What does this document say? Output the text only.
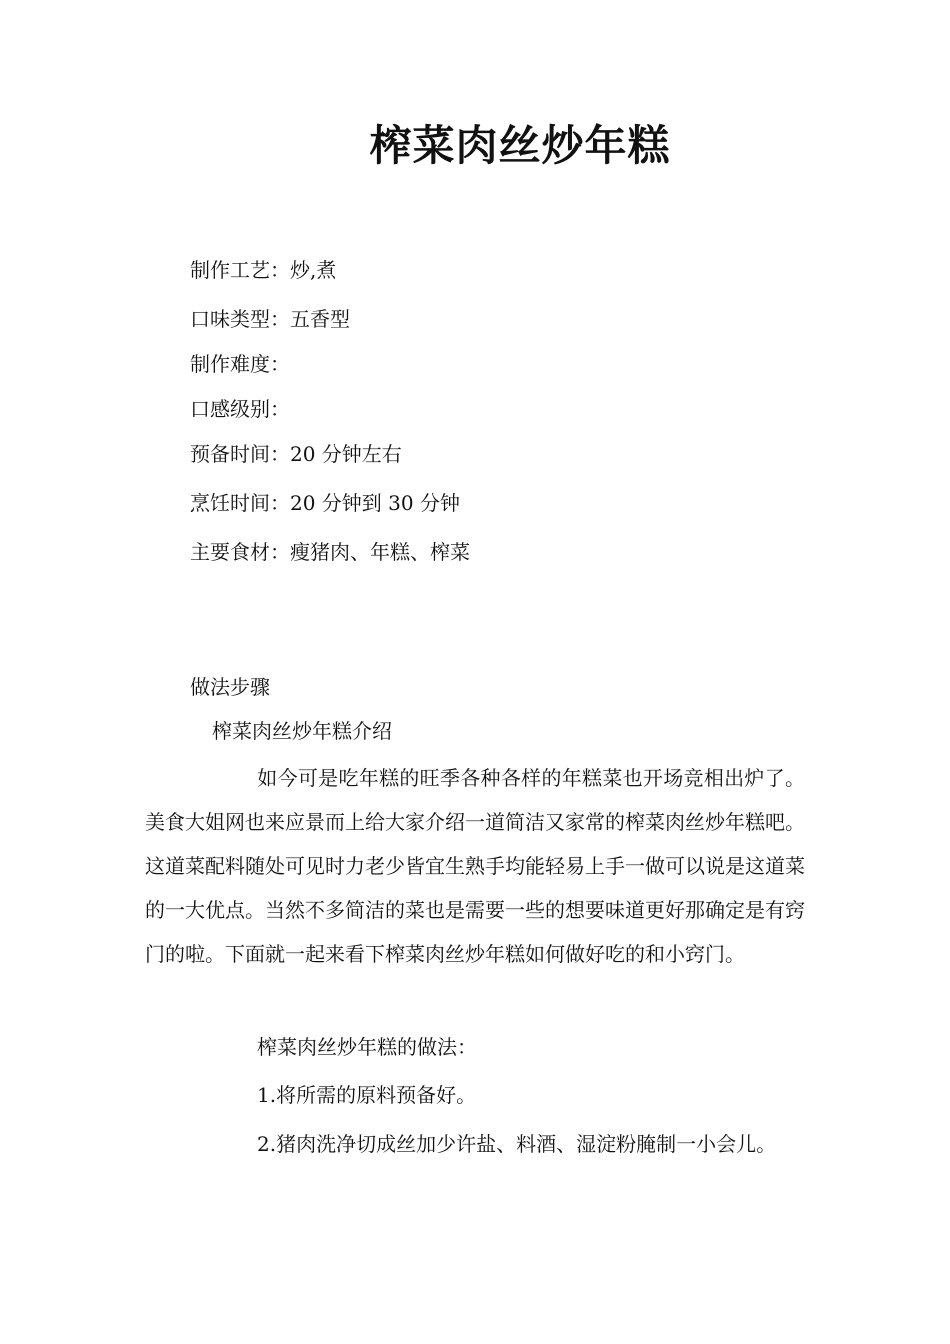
榨菜肉丝炒年糕
制作工艺：炒,煮
口味类型：五香型
制作难度：
口感级别：
预备时间：20 分钟左右
烹饪时间：20 分钟到 30 分钟
主要食材：瘦猪肉、年糕、榨菜
做法步骤
榨菜肉丝炒年糕介绍
如今可是吃年糕的旺季各种各样的年糕菜也开场竞相出炉了。美食大姐网也来应景而上给大家介绍一道简洁又家常的榨菜肉丝炒年糕吧。这道菜配料随处可见时力老少皆宜生熟手均能轻易上手一做可以说是这道菜的一大优点。当然不多简洁的菜也是需要一些的想要味道更好那确定是有窍门的啦。下面就一起来看下榨菜肉丝炒年糕如何做好吃的和小窍门。
榨菜肉丝炒年糕的做法：
1.将所需的原料预备好。
2.猪肉洗净切成丝加少许盐、料酒、湿淀粉腌制一小会儿。
